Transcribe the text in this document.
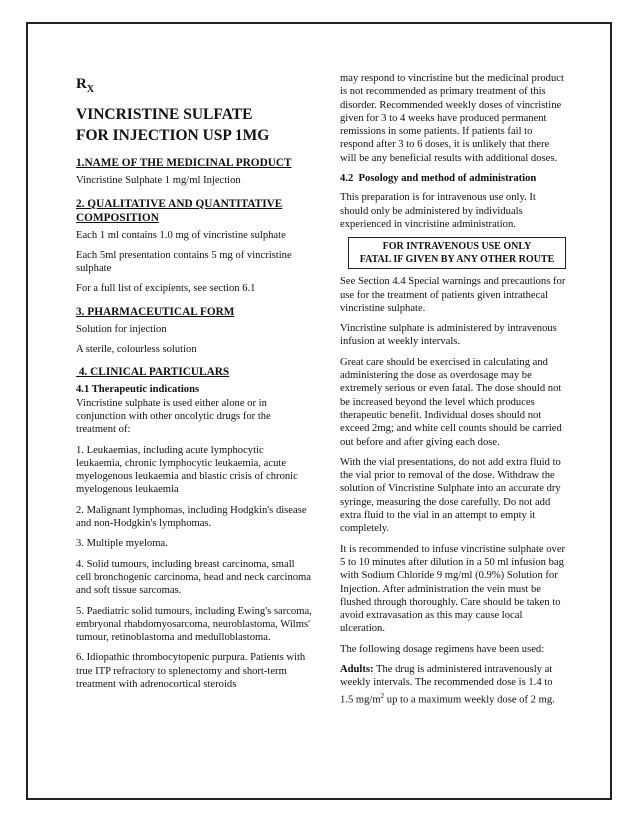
$R_X$
VINCRISTINE SULFATE
FOR INJECTION USP 1MG

1.NAME OF THE MEDICINAL PRODUCT

Vincristine Sulphate 1 mg/ml Injection

2. QUALITATIVE AND QUANTITATIVE COMPOSITION

Each 1 ml contains 1.0 mg of vincristine sulphate

Each 5ml presentation contains 5 mg of vincristine sulphate

For a full list of excipients, see section 6.1

3. PHARMACEUTICAL FORM

Solution for injection

A sterile, colourless solution

4. CLINICAL PARTICULARS

4.1 Therapeutic indications

Vincristine sulphate is used either alone or in conjunction with other oncolytic drugs for the treatment of:

1. Leukaemias, including acute lymphocytic leukaemia, chronic lymphocytic leukaemia, acute myelogenous leukaemia and blastic crisis of chronic myelogenous leukaemia

2. Malignant lymphomas, including Hodgkin's disease and non-Hodgkin's lymphomas.

3. Multiple myeloma.

4. Solid tumours, including breast carcinoma, small cell bronchogenic carcinoma, head and neck carcinoma and soft tissue sarcomas.

5. Paediatric solid tumours, including Ewing's sarcoma, embryonal rhabdomyosarcoma, neuroblastoma, Wilms' tumour, retinoblastoma and medulloblastoma.

6. Idiopathic thrombocytopenic purpura. Patients with true ITP refractory to splenectomy and short-term treatment with adrenocortical steroids

may respond to vincristine but the medicinal product is not recommended as primary treatment of this disorder. Recommended weekly doses of vincristine given for 3 to 4 weeks have produced permanent remissions in some patients. If patients fail to respond after 3 to 6 doses, it is unlikely that there will be any beneficial results with additional doses.

4.2  Posology and method of administration

This preparation is for intravenous use only. It should only be administered by individuals experienced in vincristine administration.

FOR INTRAVENOUS USE ONLY
FATAL IF GIVEN BY ANY OTHER ROUTE

See Section 4.4 Special warnings and precautions for use for the treatment of patients given intrathecal vincristine sulphate.

Vincristine sulphate is administered by intravenous infusion at weekly intervals.

Great care should be exercised in calculating and administering the dose as overdosage may be extremely serious or even fatal. The dose should not be increased beyond the level which produces therapeutic benefit. Individual doses should not exceed 2mg; and white cell counts should be carried out before and after giving each dose.

With the vial presentations, do not add extra fluid to the vial prior to removal of the dose. Withdraw the solution of Vincristine Sulphate into an accurate dry syringe, measuring the dose carefully. Do not add extra fluid to the vial in an attempt to empty it completely.

It is recommended to infuse vincristine sulphate over 5 to 10 minutes after dilution in a 50 ml infusion bag with Sodium Chloride 9 mg/ml (0.9%) Solution for Injection. After administration the vein must be flushed through thoroughly. Care should be taken to avoid extravasation as this may cause local ulceration.

The following dosage regimens have been used:

Adults: The drug is administered intravenously at weekly intervals. The recommended dose is 1.4 to 1.5 $mg/m^2$ up to a maximum weekly dose of 2 mg.
